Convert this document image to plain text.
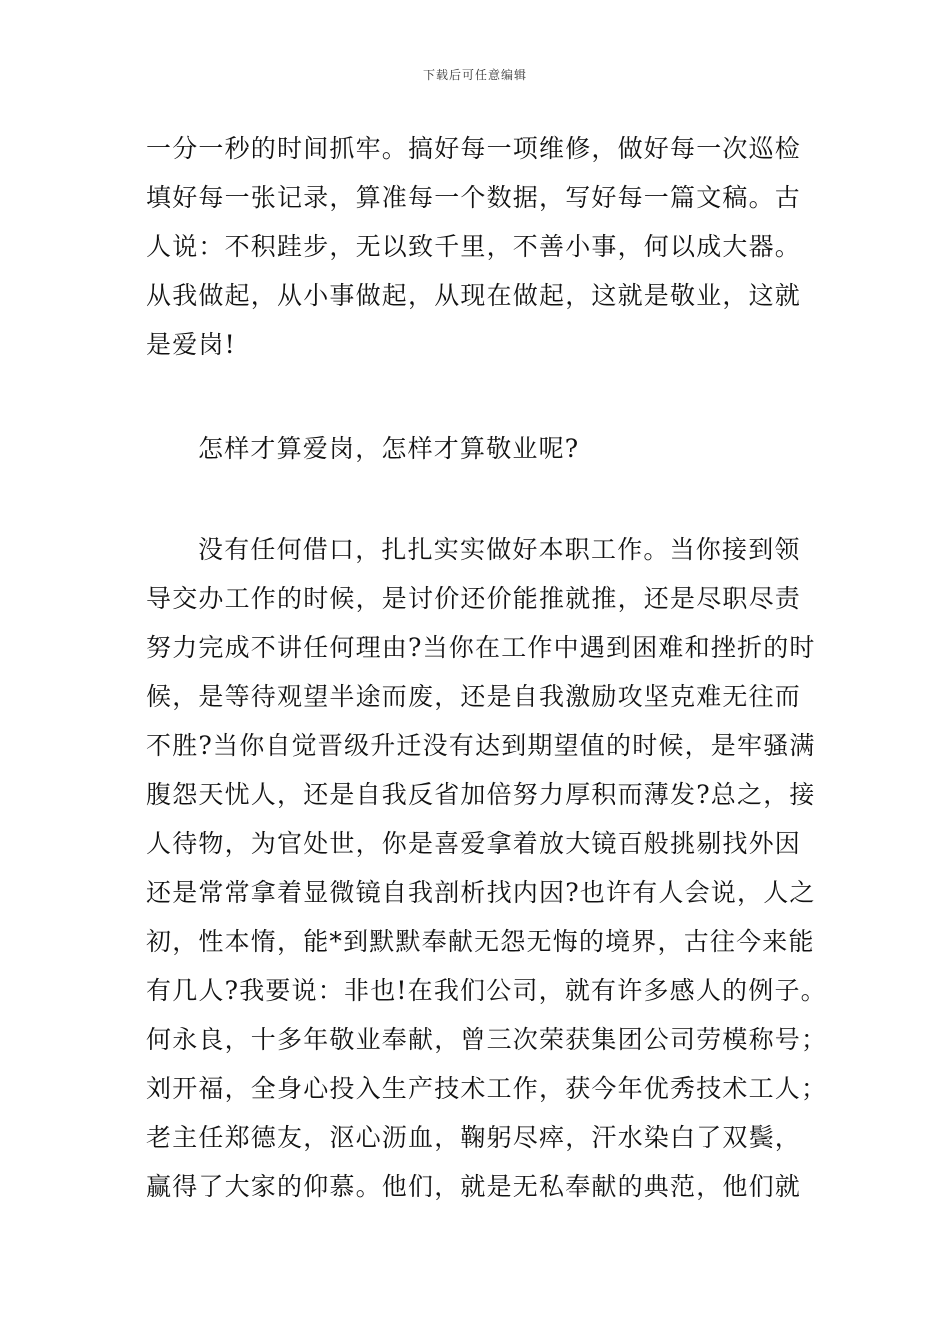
下载后可任意编辑
一分一秒的时间抓牢。搞好每一项维修，做好每一次巡检
填好每一张记录，算准每一个数据，写好每一篇文稿。古
人说：不积跬步，无以致千里，不善小事，何以成大器。
从我做起，从小事做起，从现在做起，这就是敬业，这就
是爱岗!
怎样才算爱岗，怎样才算敬业呢?
没有任何借口，扎扎实实做好本职工作。当你接到领
导交办工作的时候，是讨价还价能推就推，还是尽职尽责
努力完成不讲任何理由?当你在工作中遇到困难和挫折的时
候，是等待观望半途而废，还是自我激励攻坚克难无往而
不胜?当你自觉晋级升迁没有达到期望值的时候，是牢骚满
腹怨天忧人，还是自我反省加倍努力厚积而薄发?总之，接
人待物，为官处世，你是喜爱拿着放大镜百般挑剔找外因
还是常常拿着显微镜自我剖析找内因?也许有人会说，人之
初，性本惰，能*到默默奉献无怨无悔的境界，古往今来能
有几人?我要说：非也!在我们公司，就有许多感人的例子。
何永良，十多年敬业奉献，曾三次荣获集团公司劳模称号；
刘开福，全身心投入生产技术工作，获今年优秀技术工人；
老主任郑德友，沤心沥血，鞠躬尽瘁，汗水染白了双鬓，
赢得了大家的仰慕。他们，就是无私奉献的典范，他们就
